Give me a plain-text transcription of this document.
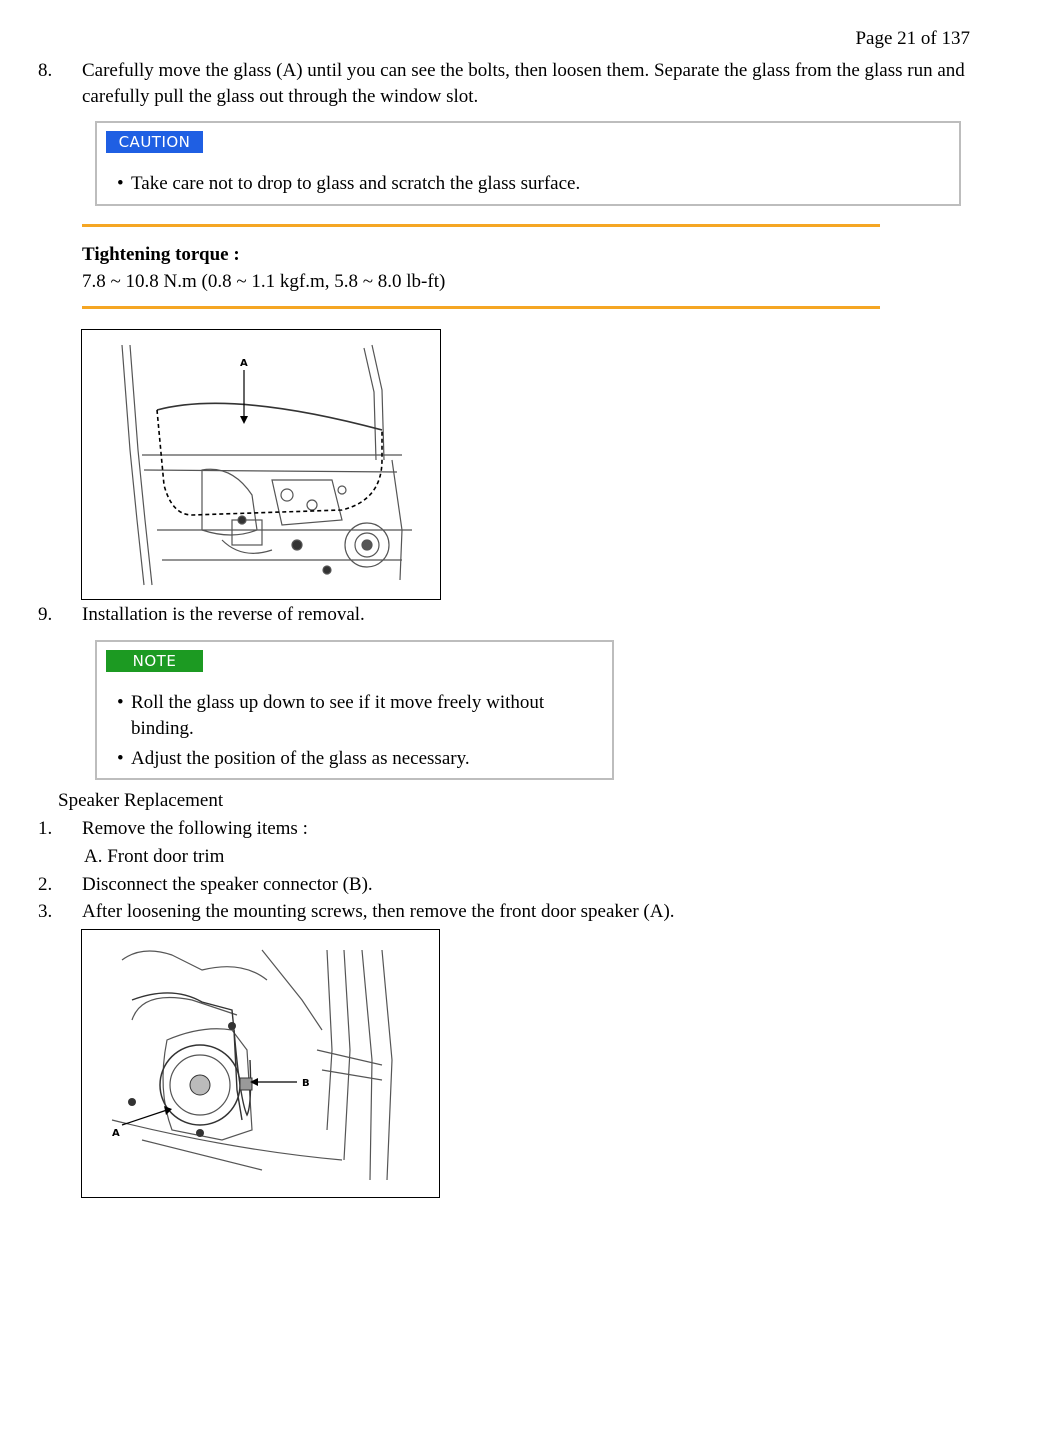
Page 21 of 137
8. Carefully move the glass (A) until you can see the bolts, then loosen them. Separate the glass from the glass run and carefully pull the glass out through the window slot.
CAUTION
• Take care not to drop to glass and scratch the glass surface.
Tightening torque :
7.8 ~ 10.8 N.m (0.8 ~ 1.1 kgf.m, 5.8 ~ 8.0 lb-ft)
A
9. Installation is the reverse of removal.
NOTE
• Roll the glass up down to see if it move freely without binding.
• Adjust the position of the glass as necessary.
Speaker Replacement
1. Remove the following items :
A. Front door trim
2. Disconnect the speaker connector (B).
3. After loosening the mounting screws, then remove the front door speaker (A).
A
B
